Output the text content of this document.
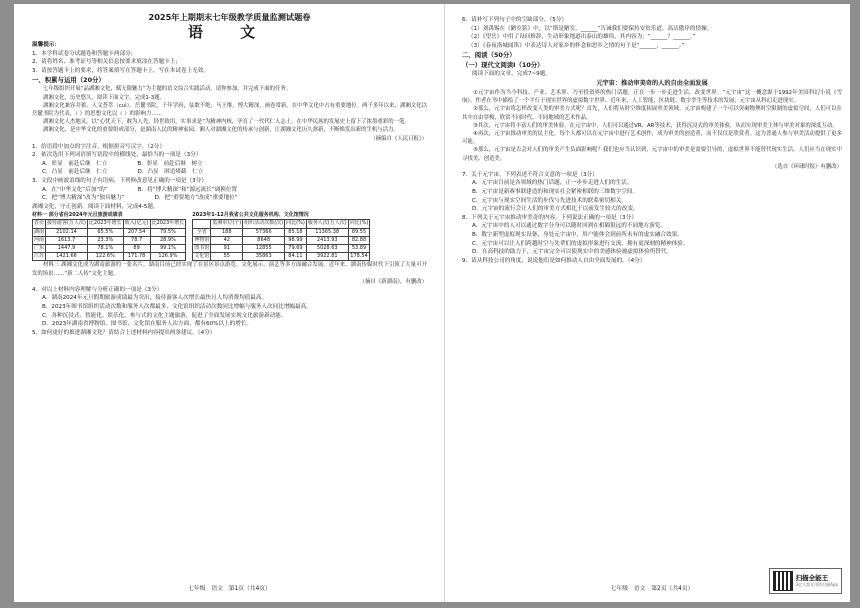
2025年上期期末七年级教学质量监测试题卷
语 文
温馨提示：
1．本学科试卷分试题卷和答题卡两部分；
2．请将姓名、准考证号等相关信息按要求填涂在答题卡上；
3．请按答题卡上的要求，将答案填写在答题卡上，写在本试卷上无效。
一、积累与运用（20分）
七年级组织开展“品湖湘文化，赋无限魅力”为主题的语文综合实践活动，请你参加，并完成下面的任务。
湖湘文化，历史悠久。阅读下面文字，完成1-3题。
湖湘文化兼容并蓄，人文荟萃（cuì）。岳麓书院，千年学府，弦歌不绝；马王堆，博大精深，画卷常新。在中华文化中占有重要地位。两千多年以来，湖湘文化以岳麓书院为代表，（ ）的思想文化以（ ）的影响力……
湖湘文化人杰地灵，以“心忧天下，敢为人先，经世致用，实事求是”为精神内核，孕育了一代代仁人志士，在中华民族的发展史上留下了浓墨重彩的一笔。
湖湘文化，是中华文化的重要组成部分，是湖南人民的精神家园，湘人对湖湘文化的传承与创新，让湖湘文化历久弥新，不断焕发出新的生机与活力。
（摘编自《人民日报》）
1．给语段中加点的字注音，根据拼音写汉字。（2分）
2．依次选用下列词语填写语段中的横线处，最恰当的一项是（3分）
A．彰显　前赴后继　仁立	B．彰显　前赴后继　树立
C．凸显　前赴后继　仁立	D．凸显　困追堵截　仁立
3．文段中画波浪线的句子有语病，下列修改意见正确的一项是（3分）
A．在“中华文化”后加“的”	B．将“博大精深”和“源远流长”调换位置
C．把“博大精深”改为“独具魅力”	D．把“重要地方”改成“重要地位”
湖湘文化，守正创新。阅读下面材料，完成4-5题。
材料一 部分省份2024年元旦旅游成绩表
省份	接待游客(万人次)	比2023年增长	收入(亿元)	比2023年增长
湖南	2102.14	65.5%	207.54	79.5%
河南	1613.7	23.3%	78.7	28.9%
广东	1447.9	78.1%	89	99.1%
江苏	1421.66	122.6%	171.78	126.9%
2023年1-12月我省公共文化服务机构、文化馆情况
	监测单位(个)	组织活动次数(次)	同比(%)	服务人次(万人次)	同比(%)
全省	188	57366	85.18	11365.38	89.55
博物馆	42	8648	98.99	2413.93	82.88
图书馆	91	12855	79.69	5028.63	53.89
文化馆	55	35863	84.11	3922.81	178.54
材料三 湖湘文化成为湖南旅游的一张名片。湖南目前已经实现了在景区景点游览、文化展示、演艺等多方面融合发展。近年来，湖南传媒时代下引领了大量可开发的场景……“新二人传”文化主题。
（摘自《新湖南》，有删改）
4．对以上材料内容理解与分析正确的一项是（3分）
A．湖南2024年元旦假期旅游成绩最为突出，接待游客人次增长最快且人均消费均值最高。
B．2023年图书馆组织活动次数和服务人次都最多，文化馆组织活动次数同比增幅与服务人次同比增幅最高。
C．各种沉浸式、智能化、娱乐化、参与式的文化主题旅游，促进了全面发展实现文化旅游新动能。
D．2023年湖南省博物馆、图书馆、文化馆在服务人次方面，都有60%以上的增长。
5．如何更好的推进湖湘文化？请结合上述材料内容提出两条建议。（4分）
七年级　语文　第1页（共4页）
6．请补写下列句子中的空缺部分。（5分）
（1）刘禹锡在《陋室铭》中，以“斯是陋室，______”告诫我们要保持安贫乐道、高洁傲岸的情操。
（2）《望岳》中用了设问修辞，生动形象地道出泰山的雄伟，其内容为：“______？______。”
（3）《春夜洛城闻笛》中表达诗人对家乡的怀念和思乡之情的句子是“______，______。”
二、阅读（50分）
（一）现代文阅读Ⅰ（10分）
阅读下面的文章，完成7~9题。
元宇宙：推动审美奇的人的自由全面发展
①元宇宙作为当今科技、产业、艺术界、乃至投资界的热门话题，正在一步一步走进生活，改变世界。“元宇宙”这一概念源于1992年美国科幻小说《雪崩》，作者在书中描绘了一个平行于现实世界的虚拟数字世界。近年来，人工智能、区块链、数字孪生等技术的发展，元宇宙从科幻走进现实。
②那么，元宇宙将怎样改变人类的审美方式呢？首先，人们将从时空维度拓展审美领域。元宇宙构建了一个可以突破物理时空限制的虚拟空间，人们可以在其中自由穿梭，欣赏不同时代、不同地域的艺术作品。
③其次，元宇宙将丰富人们的审美体验。在元宇宙中，人们可以通过VR、AR等技术，获得沉浸式的审美体验，从而实现审美主体与审美对象的深度互动。
④再次，元宇宙推动审美的民主化。每个人都可以在元宇宙中进行艺术创作，成为审美的创造者，而不仅仅是欣赏者。这为普通人参与审美活动提供了更多可能。
⑤那么，元宇宙是否会对人们的审美产生负面影响呢？我们也应当认识到，元宇宙中的审美是需要引导的，虚拟世界不能替代现实生活，人们应当在现实中寻找美、创造美。
（选自《环球时报》有删改）
7．关于元宇宙，下列表述不符合文意的一项是（3分）
A．元宇宙日前是各领域的热门话题，正一步步走进人们的生活。
B．元宇宙是新赛事联建造的和现实社会紧密相联的三维数字空间。
C．元宇宙与现实空间生活的步伐与先进技术的联系密切相关。
D．元宇宙的流行会让人们的审美方式相比于以前发生较大的改变。
8．下列关于元宇宙推动审美奇的内容，下列说法正确的一项是（3分）
A．元宇宙中的人可以通过数字分身可以随时回到在相隔很远的不同地方游览。
B．数字新型虚拟现实设备，身处元宇宙中，用户能体会到前所未有的虚实融合效果。
C．元宇宙可以让人们跨越时空与先辈们的虚拟形象进行交流，拥有更深刻的精神体验。
D．在高科技的助力下，元宇宙完全可以使现实中的美感体验被虚拟体验所替代。
9．请从科技公司的角度，说说他们是如何推动人自由全面发展的。（4分）
七年级　语文　第2页（共4页）
扫描全能王
3亿人都在用的扫描App
